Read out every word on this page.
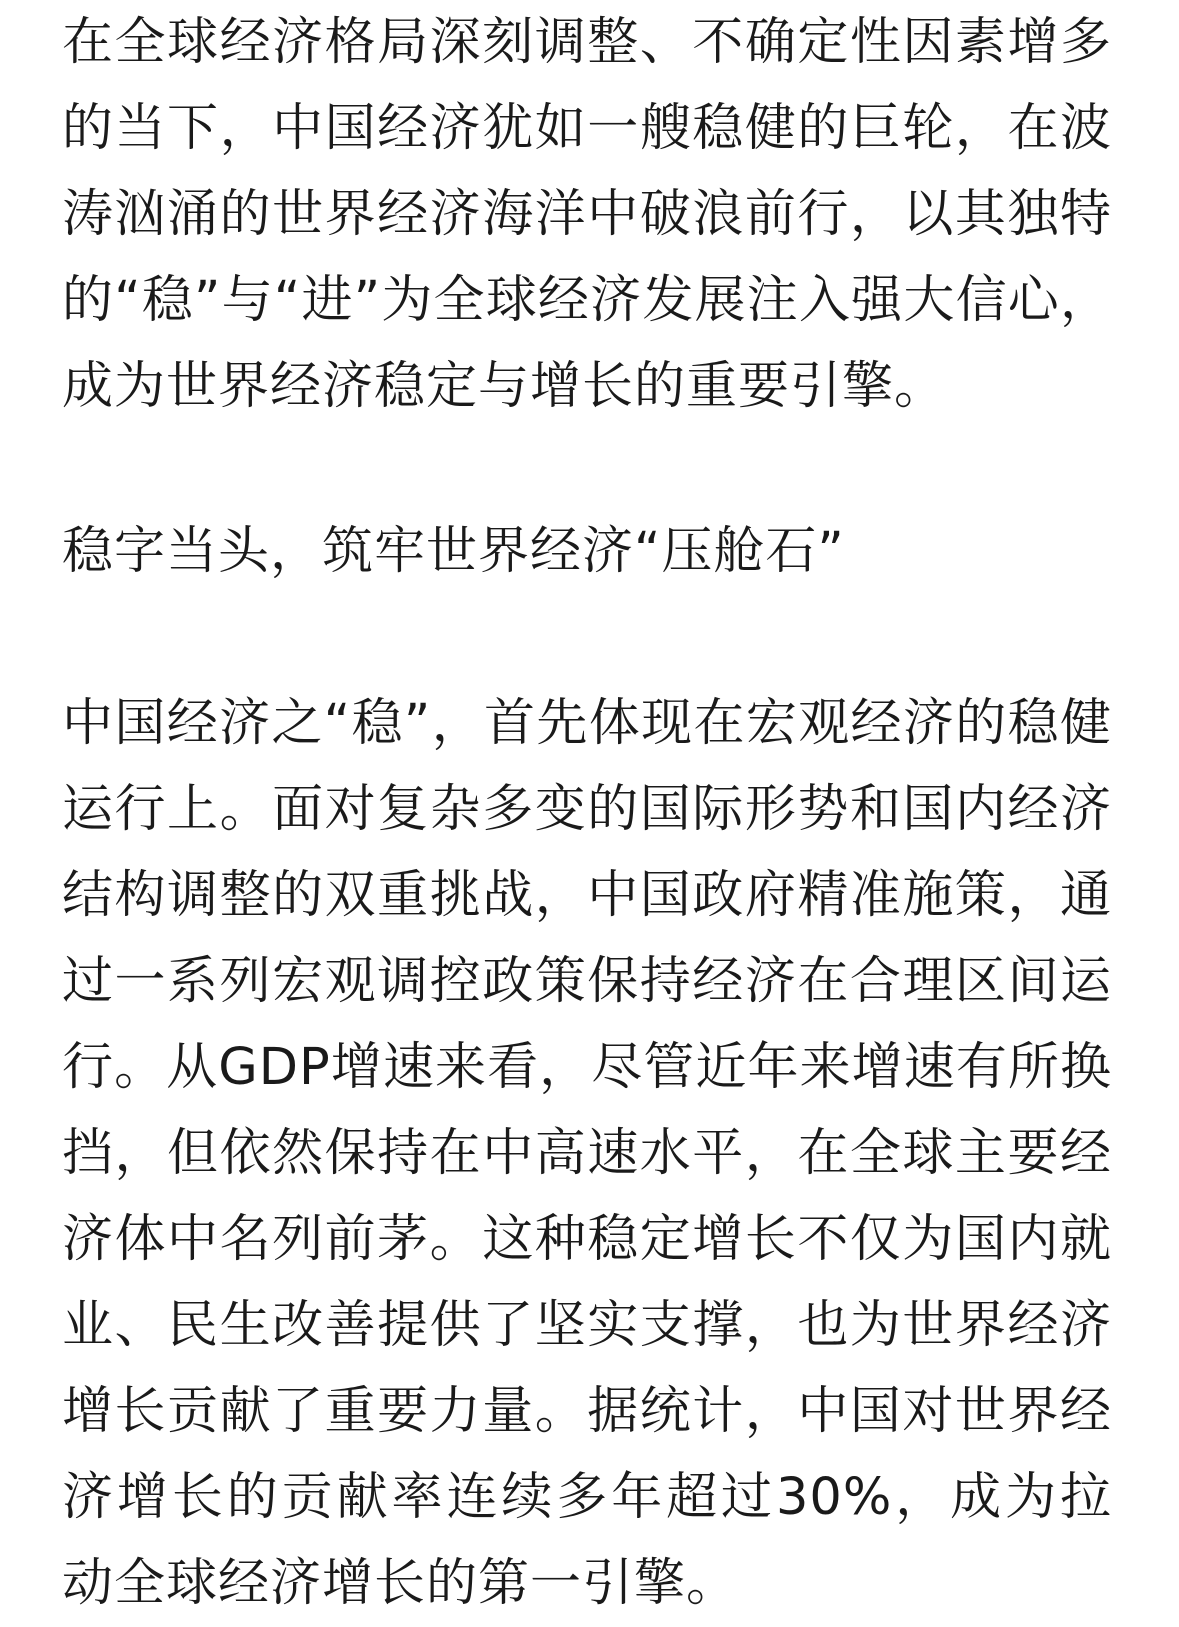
在全球经济格局深刻调整、不确定性因素增多的当下，中国经济犹如一艘稳健的巨轮，在波涛汹涌的世界经济海洋中破浪前行，以其独特的“稳”与“进”为全球经济发展注入强大信心，成为世界经济稳定与增长的重要引擎。

稳字当头，筑牢世界经济“压舱石”

中国经济之“稳”，首先体现在宏观经济的稳健运行上。面对复杂多变的国际形势和国内经济结构调整的双重挑战，中国政府精准施策，通过一系列宏观调控政策保持经济在合理区间运行。从GDP增速来看，尽管近年来增速有所换挡，但依然保持在中高速水平，在全球主要经济体中名列前茅。这种稳定增长不仅为国内就业、民生改善提供了坚实支撑，也为世界经济增长贡献了重要力量。据统计，中国对世界经济增长的贡献率连续多年超过30%，成为拉动全球经济增长的第一引擎。
